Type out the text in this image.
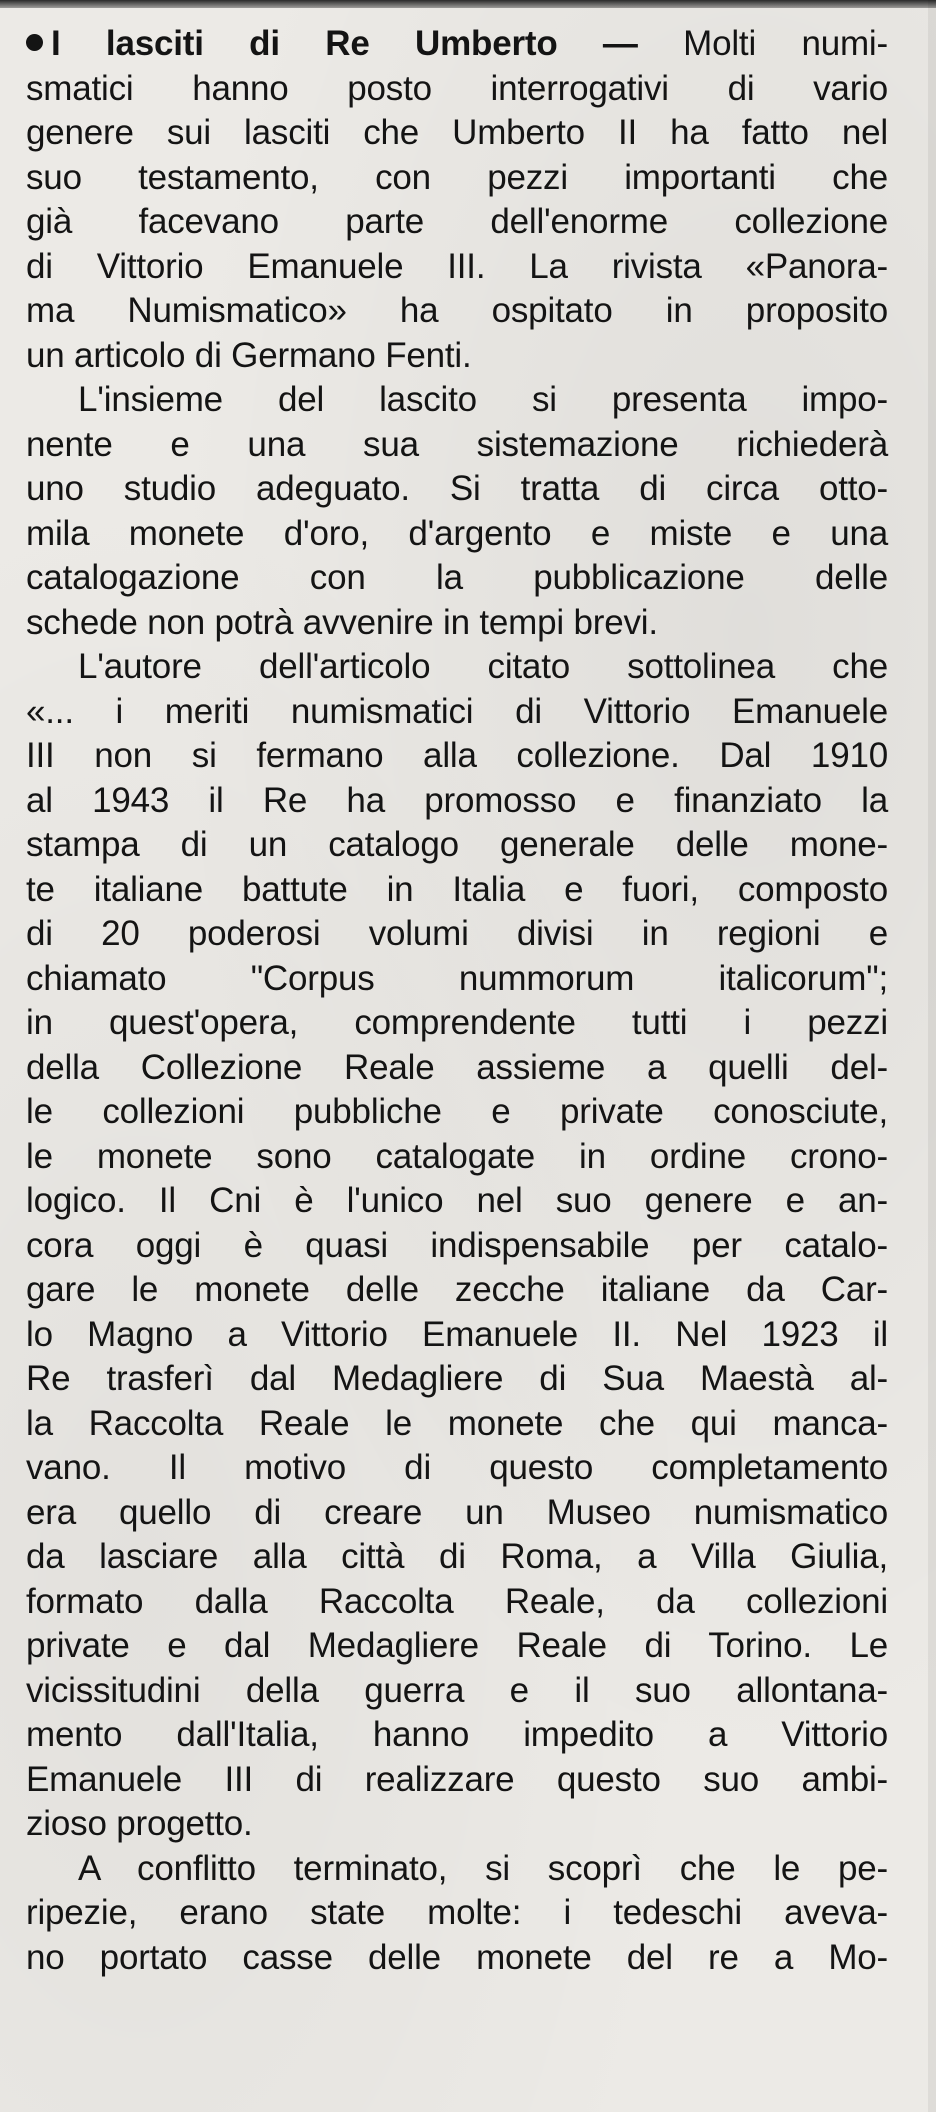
I lasciti di Re Umberto — Molti numi-
smatici hanno posto interrogativi di vario
genere sui lasciti che Umberto II ha fatto nel
suo testamento, con pezzi importanti che
già facevano parte dell'enorme collezione
di Vittorio Emanuele III. La rivista «Panora-
ma Numismatico» ha ospitato in proposito
un articolo di Germano Fenti.

L'insieme del lascito si presenta impo-
nente e una sua sistemazione richiederà
uno studio adeguato. Si tratta di circa otto-
mila monete d'oro, d'argento e miste e una
catalogazione con la pubblicazione delle
schede non potrà avvenire in tempi brevi.

L'autore dell'articolo citato sottolinea che
«... i meriti numismatici di Vittorio Emanuele
III non si fermano alla collezione. Dal 1910
al 1943 il Re ha promosso e finanziato la
stampa di un catalogo generale delle mone-
te italiane battute in Italia e fuori, composto
di 20 poderosi volumi divisi in regioni e
chiamato "Corpus nummorum italicorum";
in quest'opera, comprendente tutti i pezzi
della Collezione Reale assieme a quelli del-
le collezioni pubbliche e private conosciute,
le monete sono catalogate in ordine crono-
logico. Il Cni è l'unico nel suo genere e an-
cora oggi è quasi indispensabile per catalo-
gare le monete delle zecche italiane da Car-
lo Magno a Vittorio Emanuele II. Nel 1923 il
Re trasferì dal Medagliere di Sua Maestà al-
la Raccolta Reale le monete che qui manca-
vano. Il motivo di questo completamento
era quello di creare un Museo numismatico
da lasciare alla città di Roma, a Villa Giulia,
formato dalla Raccolta Reale, da collezioni
private e dal Medagliere Reale di Torino. Le
vicissitudini della guerra e il suo allontana-
mento dall'Italia, hanno impedito a Vittorio
Emanuele III di realizzare questo suo ambi-
zioso progetto.

A conflitto terminato, si scoprì che le pe-
ripezie, erano state molte: i tedeschi aveva-
no portato casse delle monete del re a Mo-
